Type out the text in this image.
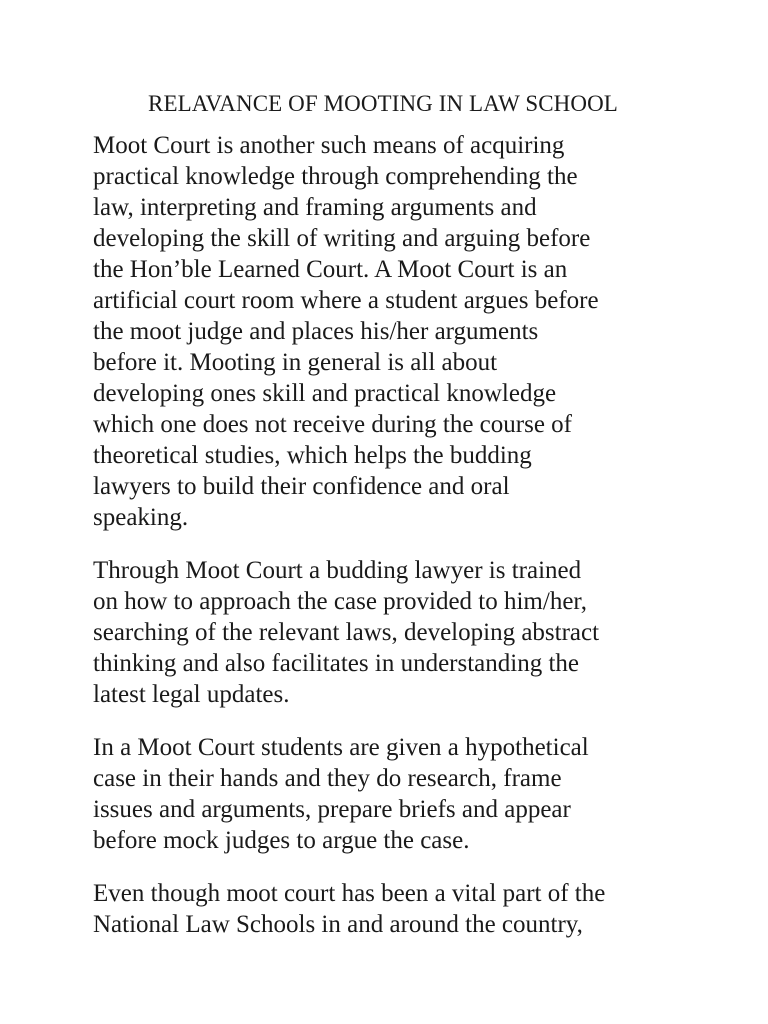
RELAVANCE OF MOOTING IN LAW SCHOOL

Moot Court is another such means of acquiring
practical knowledge through comprehending the
law, interpreting and framing arguments and
developing the skill of writing and arguing before
the Hon’ble Learned Court. A Moot Court is an
artificial court room where a student argues before
the moot judge and places his/her arguments
before it. Mooting in general is all about
developing ones skill and practical knowledge
which one does not receive during the course of
theoretical studies, which helps the budding
lawyers to build their confidence and oral
speaking.

Through Moot Court a budding lawyer is trained
on how to approach the case provided to him/her,
searching of the relevant laws, developing abstract
thinking and also facilitates in understanding the
latest legal updates.

In a Moot Court students are given a hypothetical
case in their hands and they do research, frame
issues and arguments, prepare briefs and appear
before mock judges to argue the case.

Even though moot court has been a vital part of the
National Law Schools in and around the country,
